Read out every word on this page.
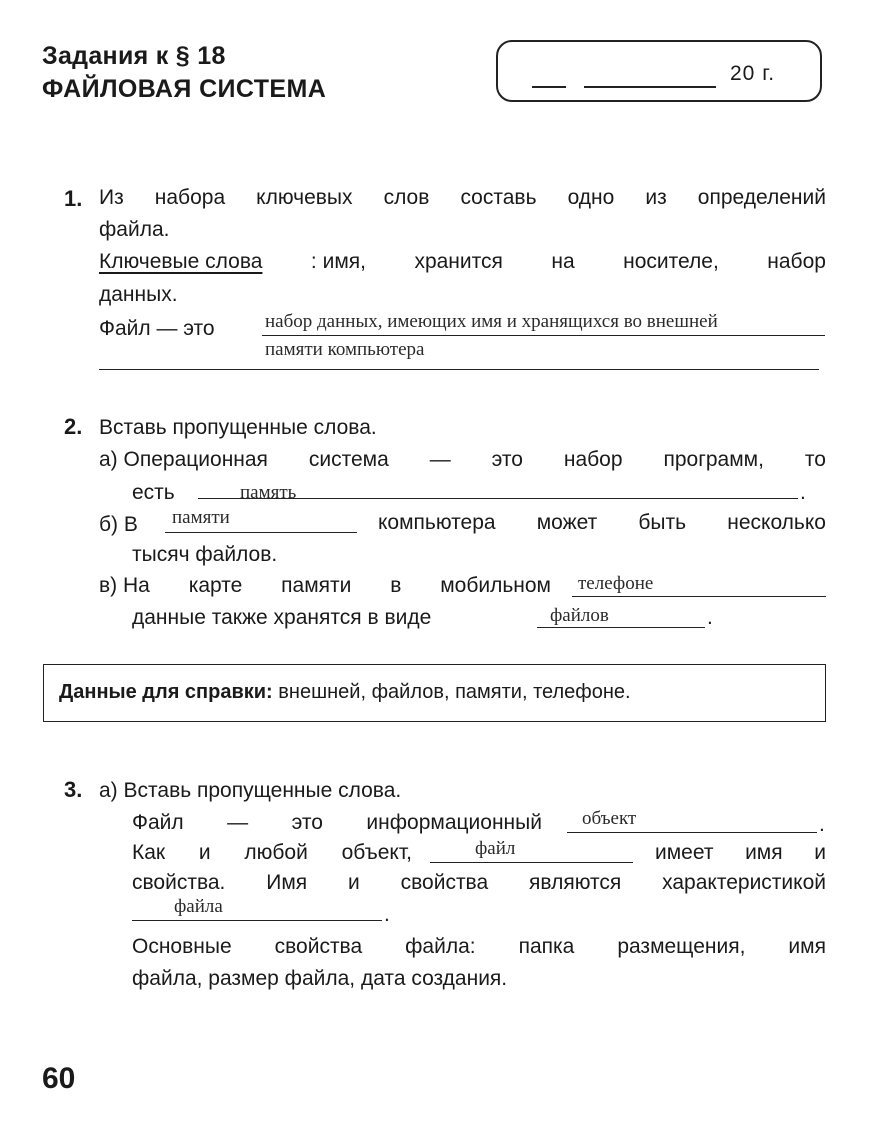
Задания к § 18
ФАЙЛОВАЯ СИСТЕМА
20 г.
1. Из набора ключевых слов составь одно из определений
файла.
Ключевые слова : имя, хранится на носителе, набор
данных.
Файл — это	набор данных, имеющих имя и хранящихся во внешней
памяти компьютера
2. Вставь пропущенные слова.
а) Операционная система — это набор программ, то
есть	память	.
б) В памяти	компьютера может быть несколько
тысяч файлов.
в) На карте памяти в мобильном телефоне
данные также хранятся в виде	файлов	.
Данные для справки: внешней, файлов, памяти, телефоне.
3. а) Вставь пропущенные слова.
Файл — это информационный объект	.
Как и любой объект,	файл	имеет имя и
свойства. Имя и свойства являются характеристикой
файла	.
Основные свойства файла: папка размещения, имя
файла, размер файла, дата создания.
60
